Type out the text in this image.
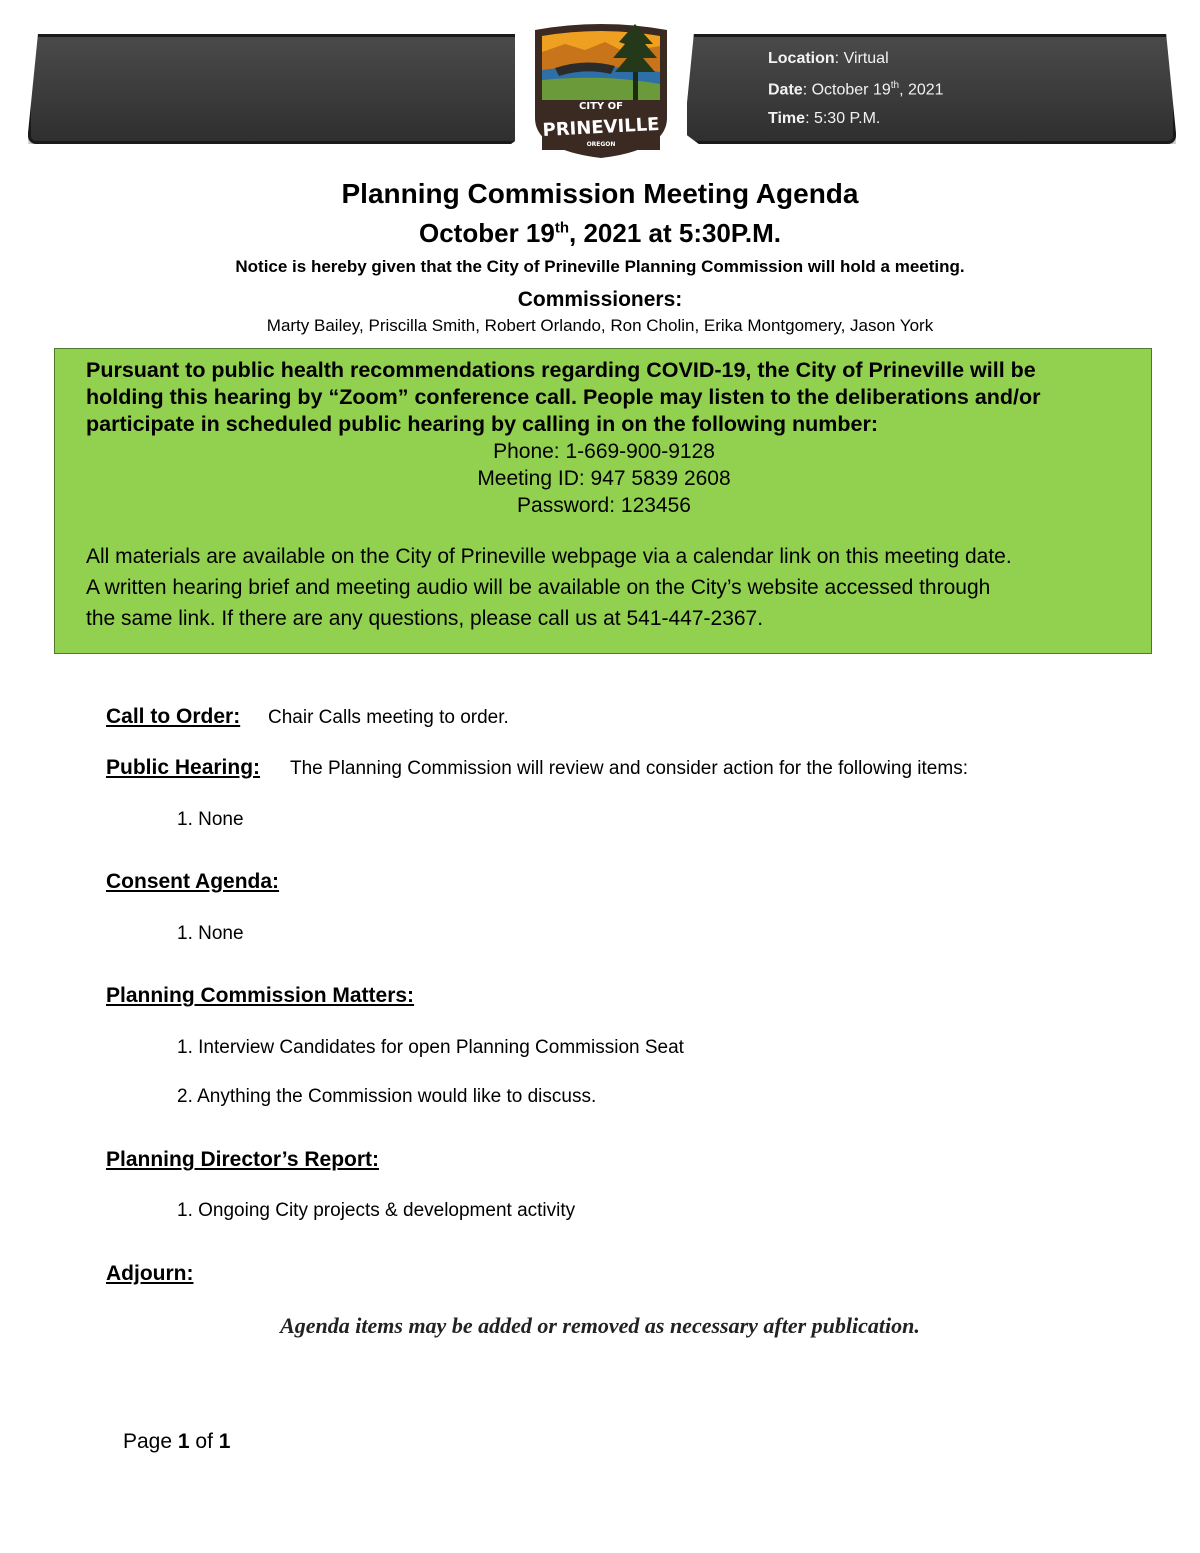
Location: Virtual
Date: October 19th, 2021
Time: 5:30 P.M.
CITY OF
PRINEVILLE
OREGON
Planning Commission Meeting Agenda
October 19th, 2021 at 5:30P.M.
Notice is hereby given that the City of Prineville Planning Commission will hold a meeting.
Commissioners:
Marty Bailey, Priscilla Smith, Robert Orlando, Ron Cholin, Erika Montgomery, Jason York
Pursuant to public health recommendations regarding COVID-19, the City of Prineville will be
holding this hearing by “Zoom” conference call. People may listen to the deliberations and/or
participate in scheduled public hearing by calling in on the following number:
Phone: 1-669-900-9128
Meeting ID: 947 5839 2608
Password: 123456
All materials are available on the City of Prineville webpage via a calendar link on this meeting date.
A written hearing brief and meeting audio will be available on the City’s website accessed through
the same link. If there are any questions, please call us at 541-447-2367.
Call to Order: Chair Calls meeting to order.
Public Hearing: The Planning Commission will review and consider action for the following items:
1. None
Consent Agenda:
1. None
Planning Commission Matters:
1. Interview Candidates for open Planning Commission Seat
2. Anything the Commission would like to discuss.
Planning Director’s Report:
1. Ongoing City projects & development activity
Adjourn:
Agenda items may be added or removed as necessary after publication.
Page 1 of 1
